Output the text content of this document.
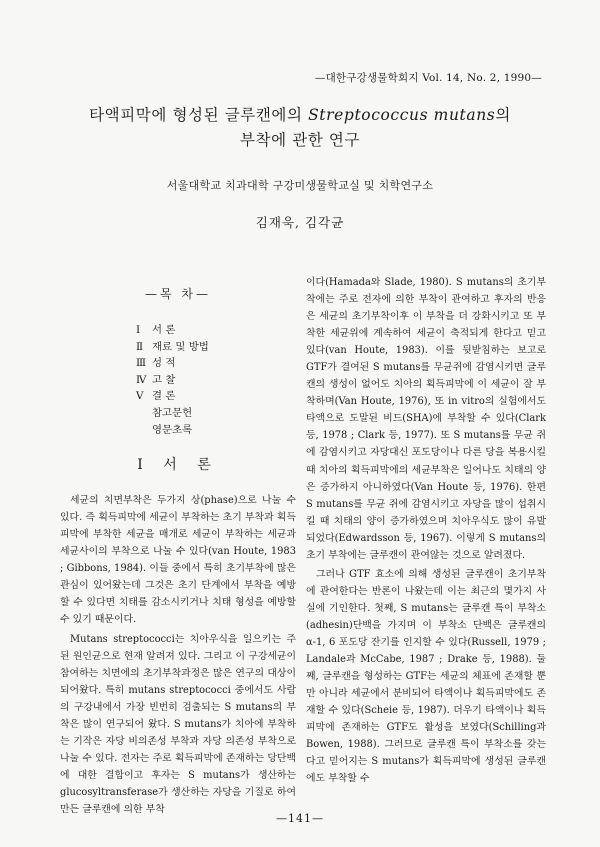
—대한구강생물학회지 Vol. 14, No. 2, 1990—
타액피막에 형성된 글루캔에의 Streptococcus mutans의
부착에 관한 연구
서울대학교 치과대학 구강미생물학교실 및 치학연구소
김재욱, 김각균
—목 차—
Ⅰ 서 론
Ⅱ 재료 및 방법
Ⅲ 성 적
Ⅳ 고 찰
Ⅴ 결 론
참고문헌
영문초록
Ⅰ 서 론

세균의 치면부착은 두가지 상(phase)으로 나눌 수 있다. 즉 획득피막에 세균이 부착하는 초기 부착과 획득피막에 부착한 세균을 매개로 세균이 부착하는 세균과 세균사이의 부착으로 나눌 수 있다(van Houte, 1983 ; Gibbons, 1984). 이들 중에서 특히 초기부착에 많은 관심이 있어왔는데 그것은 초기 단계에서 부착을 예방할 수 있다면 치태를 감소시키거나 치태 형성을 예방할 수 있기 때문이다.

Mutans streptococci는 치아우식을 일으키는 주된 원인균으로 현재 알려져 있다. 그리고 이 구강세균이 참여하는 치면에의 초기부착과정은 많은 연구의 대상이 되어왔다. 특히 mutans streptococci 중에서도 사람의 구강내에서 가장 빈번히 검출되는 S mutans의 부착은 많이 연구되어 왔다. S mutans가 치아에 부착하는 기작은 자당 비의존성 부착과 자당 의존성 부착으로 나눌 수 있다. 전자는 주로 획득피막에 존재하는 당단백에 대한 결합이고 후자는 S mutans가 생산하는 glucosyltransferase가 생산하는 자당을 기질로 하여 만든 글루캔에 의한 부착

이다(Hamada와 Slade, 1980). S mutans의 초기부착에는 주로 전자에 의한 부착이 관여하고 후자의 반응은 세균의 초기부착이후 이 부착을 더 강화시키고 또 부착한 세균위에 계속하여 세균이 축적되게 한다고 믿고 있다(van Houte, 1983). 이를 뒷받침하는 보고로 GTF가 결여된 S mutans를 무균쥐에 감염시키면 글루캔의 생성이 없어도 치아의 획득피막에 이 세균이 잘 부착하며(Van Houte, 1976), 또 in vitro의 실험에서도 타액으로 도말된 비드(SHA)에 부착할 수 있다(Clark 등, 1978 ; Clark 등, 1977). 또 S mutans를 무균 쥐에 감염시키고 자당대신 포도당이나 다른 당을 복용시킬 때 치아의 획득피막에의 세균부착은 일어나도 치태의 양은 증가하지 아니하였다(Van Houte 등, 1976). 한편 S mutans를 무균 쥐에 감염시키고 자당을 많이 섭취시킬 때 치태의 양이 증가하였으며 치아우식도 많이 유발되었다(Edwardsson 등, 1967). 이렇게 S mutans의 초기 부착에는 글루캔이 관여않는 것으로 알려졌다.

그러나 GTF 효소에 의해 생성된 글루캔이 초기부착에 관여한다는 반론이 나왔는데 이는 최근의 몇가지 사실에 기인한다. 첫째, S mutans는 글루캔 특이 부착소(adhesin)단백을 가지며 이 부착소 단백은 글루캔의 α-1, 6 포도당 잔기를 인지할 수 있다(Russell, 1979 ; Landale과 McCabe, 1987 ; Drake 등, 1988). 둘째, 글루캔을 형성하는 GTF는 세균의 체표에 존재할 뿐만 아니라 세균에서 분비되어 타액이나 획득피막에도 존재할 수 있다(Scheie 등, 1987). 더우기 타액이나 획득피막에 존재하는 GTF도 활성을 보였다(Schilling과 Bowen, 1988). 그러므로 글루캔 특이 부착소를 갖는다고 믿어지는 S mutans가 획득피막에 생성된 글루캔에도 부착할 수

—141—
